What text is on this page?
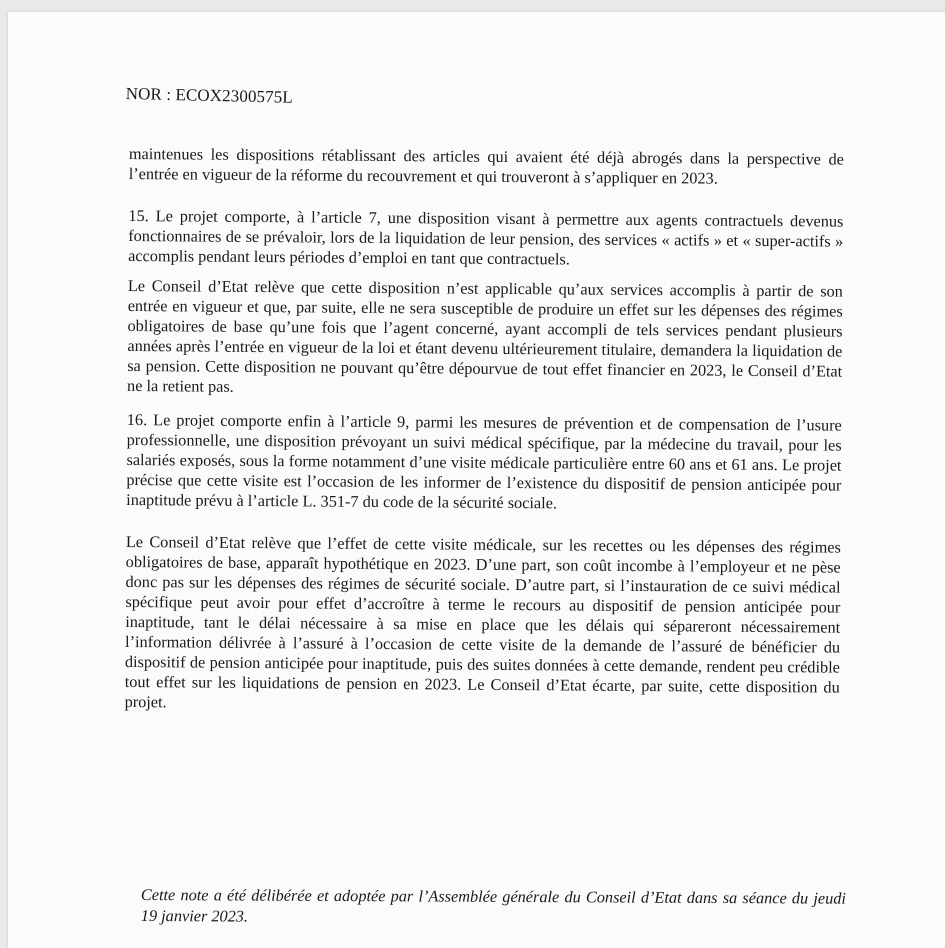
NOR : ECOX2300575L

maintenues les dispositions rétablissant des articles qui avaient été déjà abrogés dans la perspective de l’entrée en vigueur de la réforme du recouvrement et qui trouveront à s’appliquer en 2023.

15. Le projet comporte, à l’article 7, une disposition visant à permettre aux agents contractuels devenus fonctionnaires de se prévaloir, lors de la liquidation de leur pension, des services « actifs » et « super-actifs » accomplis pendant leurs périodes d’emploi en tant que contractuels.

Le Conseil d’Etat relève que cette disposition n’est applicable qu’aux services accomplis à partir de son entrée en vigueur et que, par suite, elle ne sera susceptible de produire un effet sur les dépenses des régimes obligatoires de base qu’une fois que l’agent concerné, ayant accompli de tels services pendant plusieurs années après l’entrée en vigueur de la loi et étant devenu ultérieurement titulaire, demandera la liquidation de sa pension. Cette disposition ne pouvant qu’être dépourvue de tout effet financier en 2023, le Conseil d’Etat ne la retient pas.

16. Le projet comporte enfin à l’article 9, parmi les mesures de prévention et de compensation de l’usure professionnelle, une disposition prévoyant un suivi médical spécifique, par la médecine du travail, pour les salariés exposés, sous la forme notamment d’une visite médicale particulière entre 60 ans et 61 ans. Le projet précise que cette visite est l’occasion de les informer de l’existence du dispositif de pension anticipée pour inaptitude prévu à l’article L. 351-7 du code de la sécurité sociale.

Le Conseil d’Etat relève que l’effet de cette visite médicale, sur les recettes ou les dépenses des régimes obligatoires de base, apparaît hypothétique en 2023. D’une part, son coût incombe à l’employeur et ne pèse donc pas sur les dépenses des régimes de sécurité sociale. D’autre part, si l’instauration de ce suivi médical spécifique peut avoir pour effet d’accroître à terme le recours au dispositif de pension anticipée pour inaptitude, tant le délai nécessaire à sa mise en place que les délais qui sépareront nécessairement l’information délivrée à l’assuré à l’occasion de cette visite de la demande de l’assuré de bénéficier du dispositif de pension anticipée pour inaptitude, puis des suites données à cette demande, rendent peu crédible tout effet sur les liquidations de pension en 2023. Le Conseil d’Etat écarte, par suite, cette disposition du projet.

Cette note a été délibérée et adoptée par l’Assemblée générale du Conseil d’Etat dans sa séance du jeudi 19 janvier 2023.
